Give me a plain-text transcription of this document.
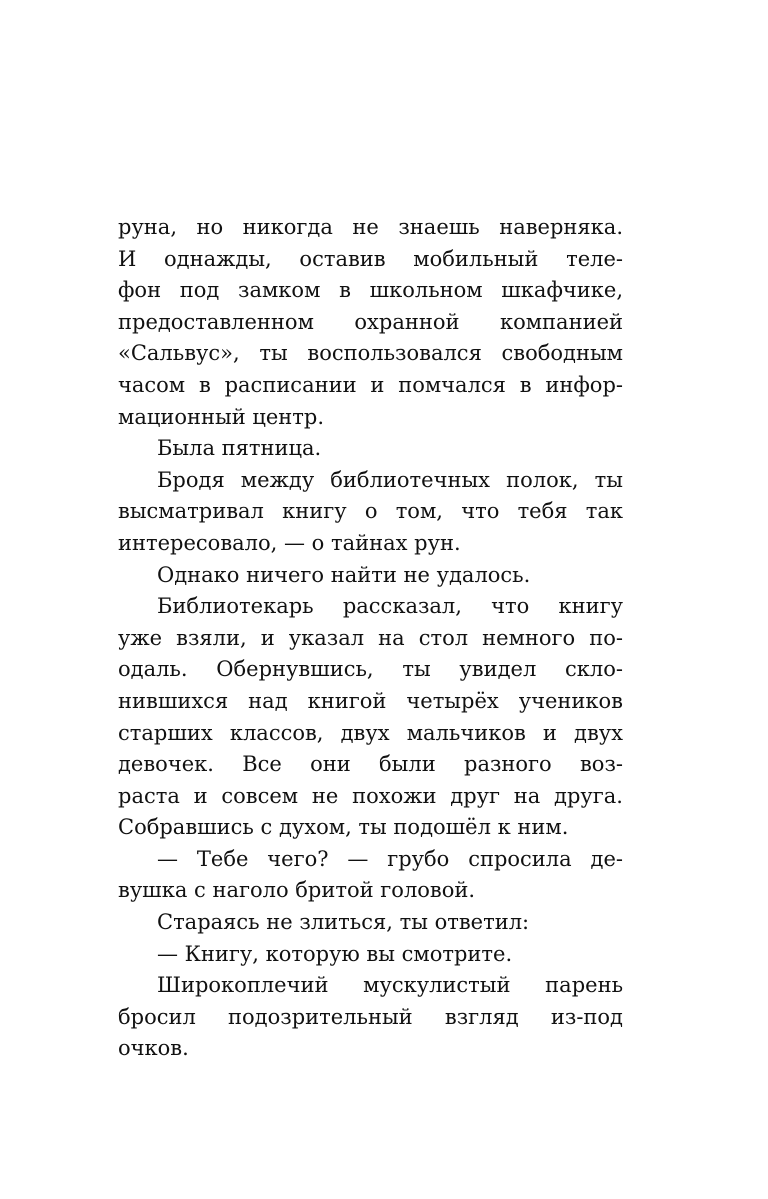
руна, но никогда не знаешь наверняка.
И однажды, оставив мобильный теле-
фон под замком в школьном шкафчике,
предоставленном охранной компанией
«Сальвус», ты воспользовался свободным
часом в расписании и помчался в инфор-
мационный центр.
Была пятница.
Бродя между библиотечных полок, ты
высматривал книгу о том, что тебя так
интересовало, — о тайнах рун.
Однако ничего найти не удалось.
Библиотекарь рассказал, что книгу
уже взяли, и указал на стол немного по-
одаль. Обернувшись, ты увидел скло-
нившихся над книгой четырёх учеников
старших классов, двух мальчиков и двух
девочек. Все они были разного воз-
раста и совсем не похожи друг на друга.
Собравшись с духом, ты подошёл к ним.
— Тебе чего? — грубо спросила де-
вушка с наголо бритой головой.
Стараясь не злиться, ты ответил:
— Книгу, которую вы смотрите.
Широкоплечий мускулистый парень
бросил подозрительный взгляд из-под
очков.
